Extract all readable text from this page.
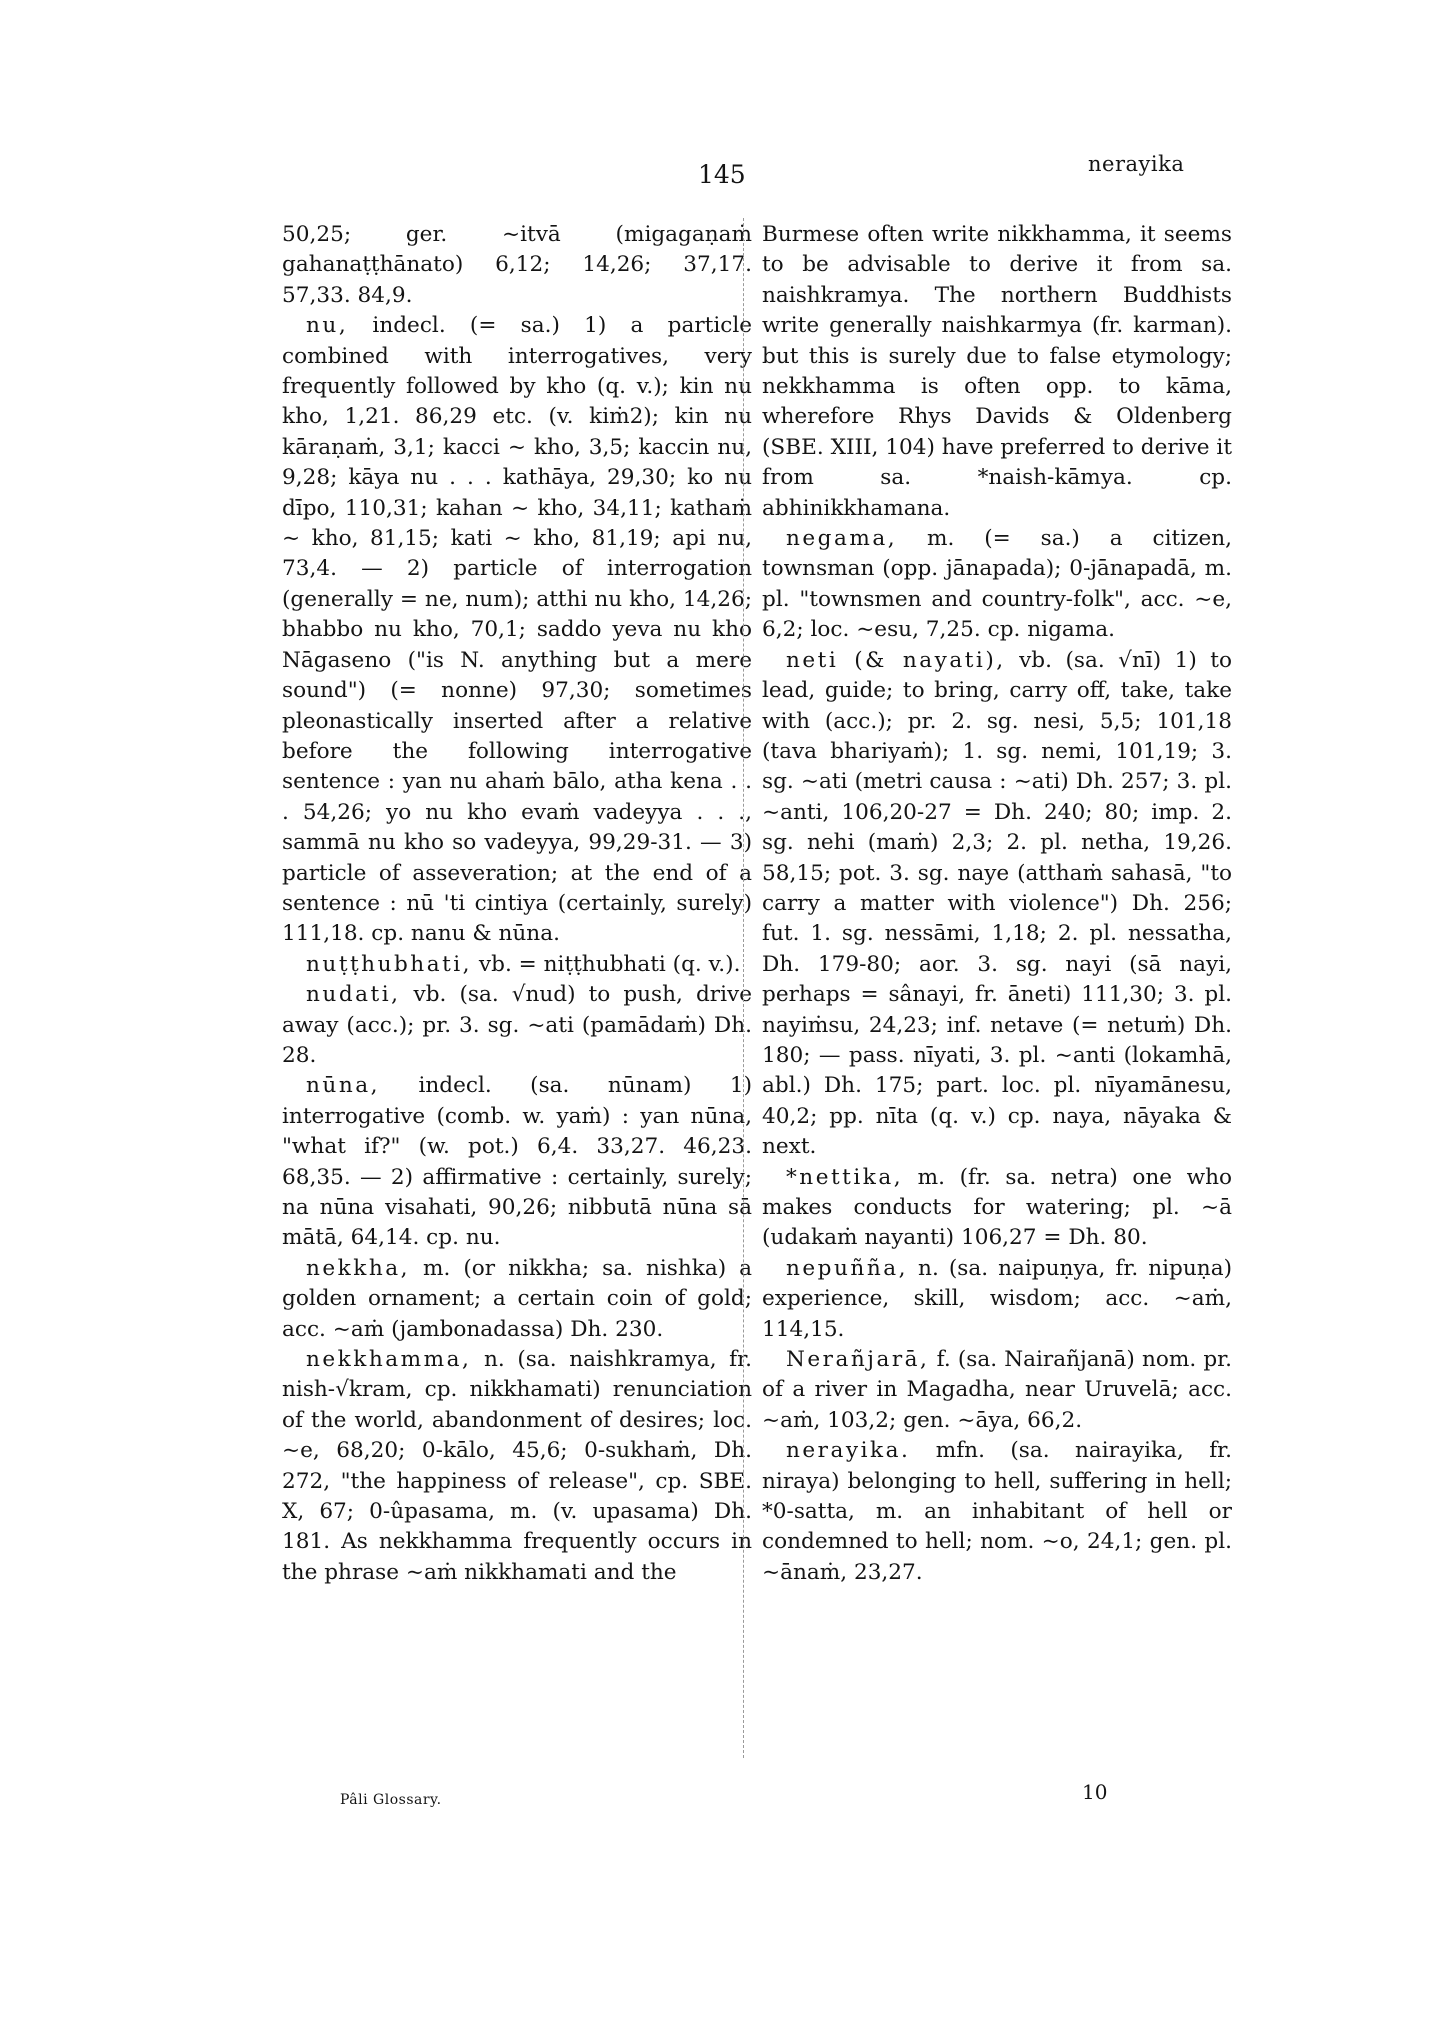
145	nerayika

50,25; ger. ~itvā (migagaṇaṁ gahanaṭṭhānato) 6,12; 14,26; 37,17. 57,33. 84,9.

nu, indecl. (= sa.) 1) a particle combined with interrogatives, very frequently followed by kho (q. v.); kin nu kho, 1,21. 86,29 etc. (v. kiṁ2); kin nu kāraṇaṁ, 3,1; kacci ~ kho, 3,5; kaccin nu, 9,28; kāya nu . . . kathāya, 29,30; ko nu dīpo, 110,31; kahan ~ kho, 34,11; kathaṁ ~ kho, 81,15; kati ~ kho, 81,19; api nu, 73,4. — 2) particle of interrogation (generally = ne, num); atthi nu kho, 14,26; bhabbo nu kho, 70,1; saddo yeva nu kho Nāgaseno ("is N. anything but a mere sound") (= nonne) 97,30; sometimes pleonastically inserted after a relative before the following interrogative sentence : yan nu ahaṁ bālo, atha kena . . . 54,26; yo nu kho evaṁ vadeyya . . ., sammā nu kho so vadeyya, 99,29-31. — 3) particle of asseveration; at the end of a sentence : nū 'ti cintiya (certainly, surely) 111,18. cp. nanu & nūna.

nuṭṭhubhati, vb. = niṭṭhubhati (q. v.).

nudati, vb. (sa. √nud) to push, drive away (acc.); pr. 3. sg. ~ati (pamādaṁ) Dh. 28.

nūna, indecl. (sa. nūnam) 1) interrogative (comb. w. yaṁ) : yan nūna, "what if?" (w. pot.) 6,4. 33,27. 46,23. 68,35. — 2) affirmative : certainly, surely; na nūna visahati, 90,26; nibbutā nūna sā mātā, 64,14. cp. nu.

nekkha, m. (or nikkha; sa. nishka) a golden ornament; a certain coin of gold; acc. ~aṁ (jambonadassa) Dh. 230.

nekkhamma, n. (sa. naishkramya, fr. nish-√kram, cp. nikkhamati) renunciation of the world, abandonment of desires; loc. ~e, 68,20; 0-kālo, 45,6; 0-sukhaṁ, Dh. 272, "the happiness of release", cp. SBE. X, 67; 0-ûpasama, m. (v. upasama) Dh. 181. As nekkhamma frequently occurs in the phrase ~aṁ nikkhamati and the

Burmese often write nikkhamma, it seems to be advisable to derive it from sa. naishkramya. The northern Buddhists write generally naishkarmya (fr. karman). but this is surely due to false etymology; nekkhamma is often opp. to kāma, wherefore Rhys Davids & Oldenberg (SBE. XIII, 104) have preferred to derive it from sa. *naish-kāmya. cp. abhinikkhamana.

negama, m. (= sa.) a citizen, townsman (opp. jānapada); 0-jānapadā, m. pl. "townsmen and country-folk", acc. ~e, 6,2; loc. ~esu, 7,25. cp. nigama.

neti (& nayati), vb. (sa. √nī) 1) to lead, guide; to bring, carry off, take, take with (acc.); pr. 2. sg. nesi, 5,5; 101,18 (tava bhariyaṁ); 1. sg. nemi, 101,19; 3. sg. ~ati (metri causa : ~ati) Dh. 257; 3. pl. ~anti, 106,20-27 = Dh. 240; 80; imp. 2. sg. nehi (maṁ) 2,3; 2. pl. netha, 19,26. 58,15; pot. 3. sg. naye (atthaṁ sahasā, "to carry a matter with violence") Dh. 256; fut. 1. sg. nessāmi, 1,18; 2. pl. nessatha, Dh. 179-80; aor. 3. sg. nayi (sā nayi, perhaps = sânayi, fr. āneti) 111,30; 3. pl. nayiṁsu, 24,23; inf. netave (= netuṁ) Dh. 180; — pass. nīyati, 3. pl. ~anti (lokamhā, abl.) Dh. 175; part. loc. pl. nīyamānesu, 40,2; pp. nīta (q. v.) cp. naya, nāyaka & next.

*nettika, m. (fr. sa. netra) one who makes conducts for watering; pl. ~ā (udakaṁ nayanti) 106,27 = Dh. 80.

nepuñña, n. (sa. naipuṇya, fr. nipuṇa) experience, skill, wisdom; acc. ~aṁ, 114,15.

Nerañjarā, f. (sa. Nairañjanā) nom. pr. of a river in Magadha, near Uruvelā; acc. ~aṁ, 103,2; gen. ~āya, 66,2.

nerayika. mfn. (sa. nairayika, fr. niraya) belonging to hell, suffering in hell; *0-satta, m. an inhabitant of hell or condemned to hell; nom. ~o, 24,1; gen. pl. ~ānaṁ, 23,27.

Pâli Glossary.	10
